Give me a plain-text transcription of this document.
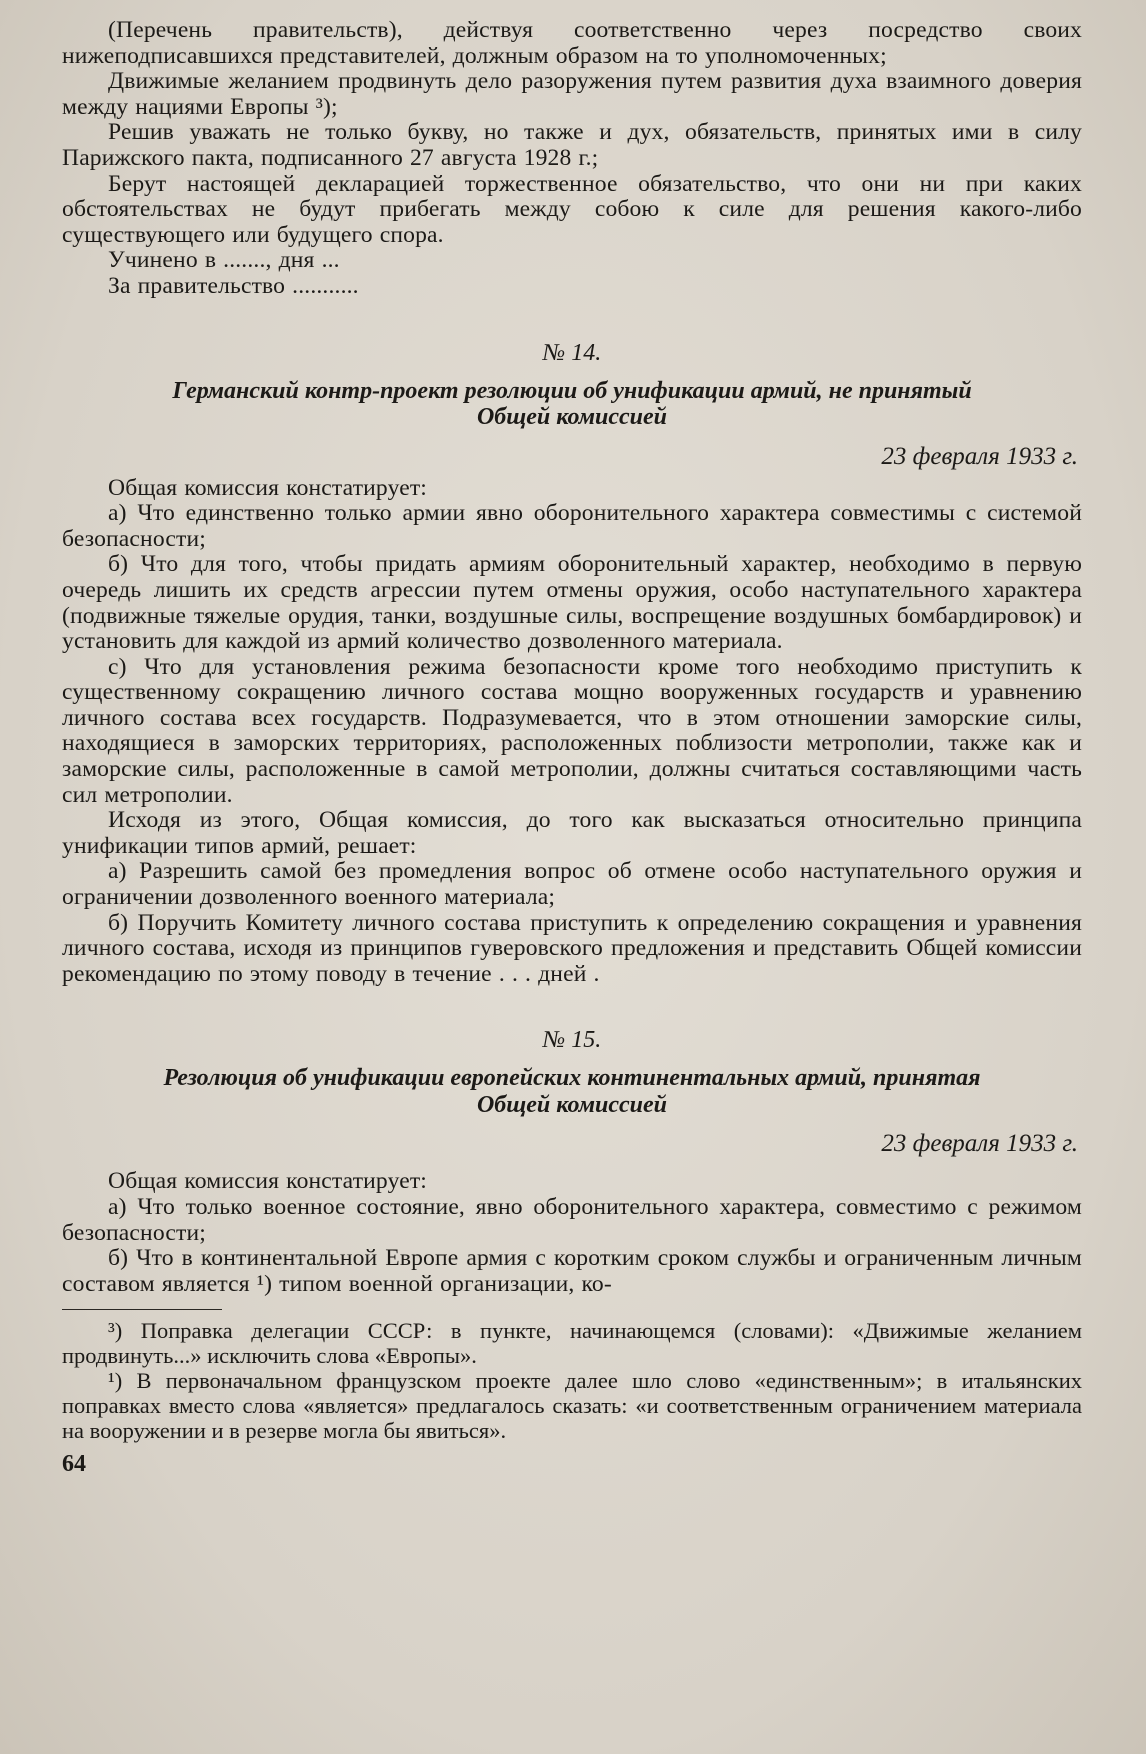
(Перечень правительств), действуя соответственно через посредство своих нижеподписавшихся представителей, должным образом на то уполномоченных;

Движимые желанием продвинуть дело разоружения путем развития духа взаимного доверия между нациями Европы ³);

Решив уважать не только букву, но также и дух, обязательств, принятых ими в силу Парижского пакта, подписанного 27 августа 1928 г.;

Берут настоящей декларацией торжественное обязательство, что они ни при каких обстоятельствах не будут прибегать между собою к силе для решения какого-либо существующего или будущего спора.

Учинено в ......., дня ...

За правительство ...........

№ 14.

Германский контр-проект резолюции об унификации армий, не принятый

Общей комиссией

23 февраля 1933 г.

Общая комиссия констатирует:

а) Что единственно только армии явно оборонительного характера совместимы с системой безопасности;

б) Что для того, чтобы придать армиям оборонительный характер, необходимо в первую очередь лишить их средств агрессии путем отмены оружия, особо наступательного характера (подвижные тяжелые орудия, танки, воздушные силы, воспрещение воздушных бомбардировок) и установить для каждой из армий количество дозволенного материала.

с) Что для установления режима безопасности кроме того необходимо приступить к существенному сокращению личного состава мощно вооруженных государств и уравнению личного состава всех государств. Подразумевается, что в этом отношении заморские силы, находящиеся в заморских территориях, расположенных поблизости метрополии, также как и заморские силы, расположенные в самой метрополии, должны считаться составляющими часть сил метрополии.

Исходя из этого, Общая комиссия, до того как высказаться относительно принципа унификации типов армий, решает:

а) Разрешить самой без промедления вопрос об отмене особо наступательного оружия и ограничении дозволенного военного материала;

б) Поручить Комитету личного состава приступить к определению сокращения и уравнения личного состава, исходя из принципов гуверовского предложения и представить Общей комиссии рекомендацию по этому поводу в течение . . . дней .

№ 15.

Резолюция об унификации европейских континентальных армий, принятая

Общей комиссией

23 февраля 1933 г.

Общая комиссия констатирует:

а) Что только военное состояние, явно оборонительного характера, совместимо с режимом безопасности;

б) Что в континентальной Европе армия с коротким сроком службы и ограниченным личным составом является ¹) типом военной организации, ко-

³) Поправка делегации СССР: в пункте, начинающемся (словами): «Движимые желанием продвинуть...» исключить слова «Европы».

¹) В первоначальном французском проекте далее шло слово «единственным»; в итальянских поправках вместо слова «является» предлагалось сказать: «и соответственным ограничением материала на вооружении и в резерве могла бы явиться».

64
